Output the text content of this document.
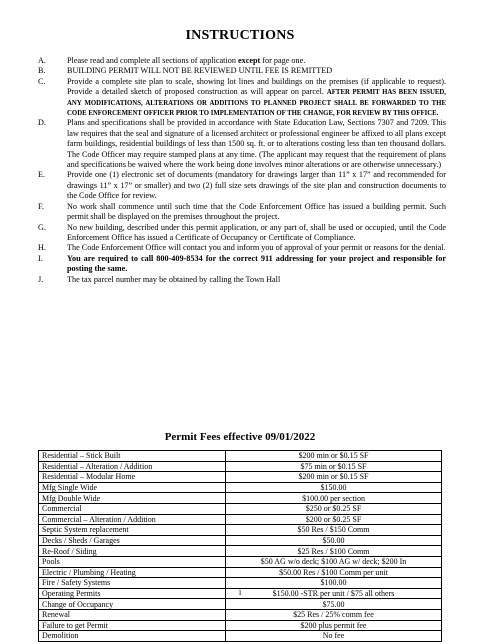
INSTRUCTIONS
A.	Please read and complete all sections of application except for page one.
B.	BUILDING PERMIT WILL NOT BE REVIEWED UNTIL FEE IS REMITTED
C.	Provide a complete site plan to scale, showing lot lines and buildings on the premises (if applicable to request). Provide a detailed sketch of proposed construction as will appear on parcel. AFTER PERMIT HAS BEEN ISSUED, ANY MODIFICATIONS, ALTERATIONS OR ADDITIONS TO PLANNED PROJECT SHALL BE FORWARDED TO THE CODE ENFORCEMENT OFFICER PRIOR TO IMPLEMENTATION OF THE CHANGE, FOR REVIEW BY THIS OFFICE.
D.	Plans and specifications shall be provided in accordance with State Education Law, Sections 7307 and 7209. This law requires that the seal and signature of a licensed architect or professional engineer be affixed to all plans except farm buildings, residential buildings of less than 1500 sq. ft. or to alterations costing less than ten thousand dollars. The Code Officer may require stamped plans at any time. (The applicant may request that the requirement of plans and specifications be waived where the work being done involves minor alterations or are otherwise unnecessary.)
E.	Provide one (1) electronic set of documents (mandatory for drawings larger than 11” x 17” and recommended for drawings 11” x 17” or smaller) and two (2) full size sets drawings of the site plan and construction documents to the Code Office for review.
F.	No work shall commence until such time that the Code Enforcement Office has issued a building permit. Such permit shall be displayed on the premises throughout the project.
G.	No new building, described under this permit application, or any part of, shall be used or occupied, until the Code Enforcement Office has issued a Certificate of Occupancy or Certificate of Compliance.
H.	The Code Enforcement Office will contact you and inform you of approval of your permit or reasons for the denial.
I.	You are required to call 800-409-8534 for the correct 911 addressing for your project and responsible for posting the same.
J.	The tax parcel number may be obtained by calling the Town Hall
Permit Fees effective 09/01/2022
Residential – Stick Built	$200 min or $0.15 SF
Residential – Alteration / Addition	$75 min or $0.15 SF
Residential – Modular Home	$200 min or $0.15 SF
Mfg Single Wide	$150.00
Mfg Double Wide	$100.00 per section
Commercial	$250 or $0.25 SF
Commercial – Alteration / Addition	$200 or $0.25 SF
Septic System replacement	$50 Res / $150 Comm
Decks / Sheds / Garages	$50.00
Re-Roof / Siding	$25 Res / $100 Comm
Pools	$50 AG w/o deck; $100 AG w/ deck; $200 In
Electric / Plumbing / Heating	$50.00 Res / $100 Comm per unit
Fire / Safety Systems	$100.00
Operating Permits	$150.00 -STR per unit / $75 all others
Change of Occupancy	$75.00
Renewal	$25 Res / 25% comm fee
Failure to get Permit	$200 plus permit fee
Demolition	No fee
1
